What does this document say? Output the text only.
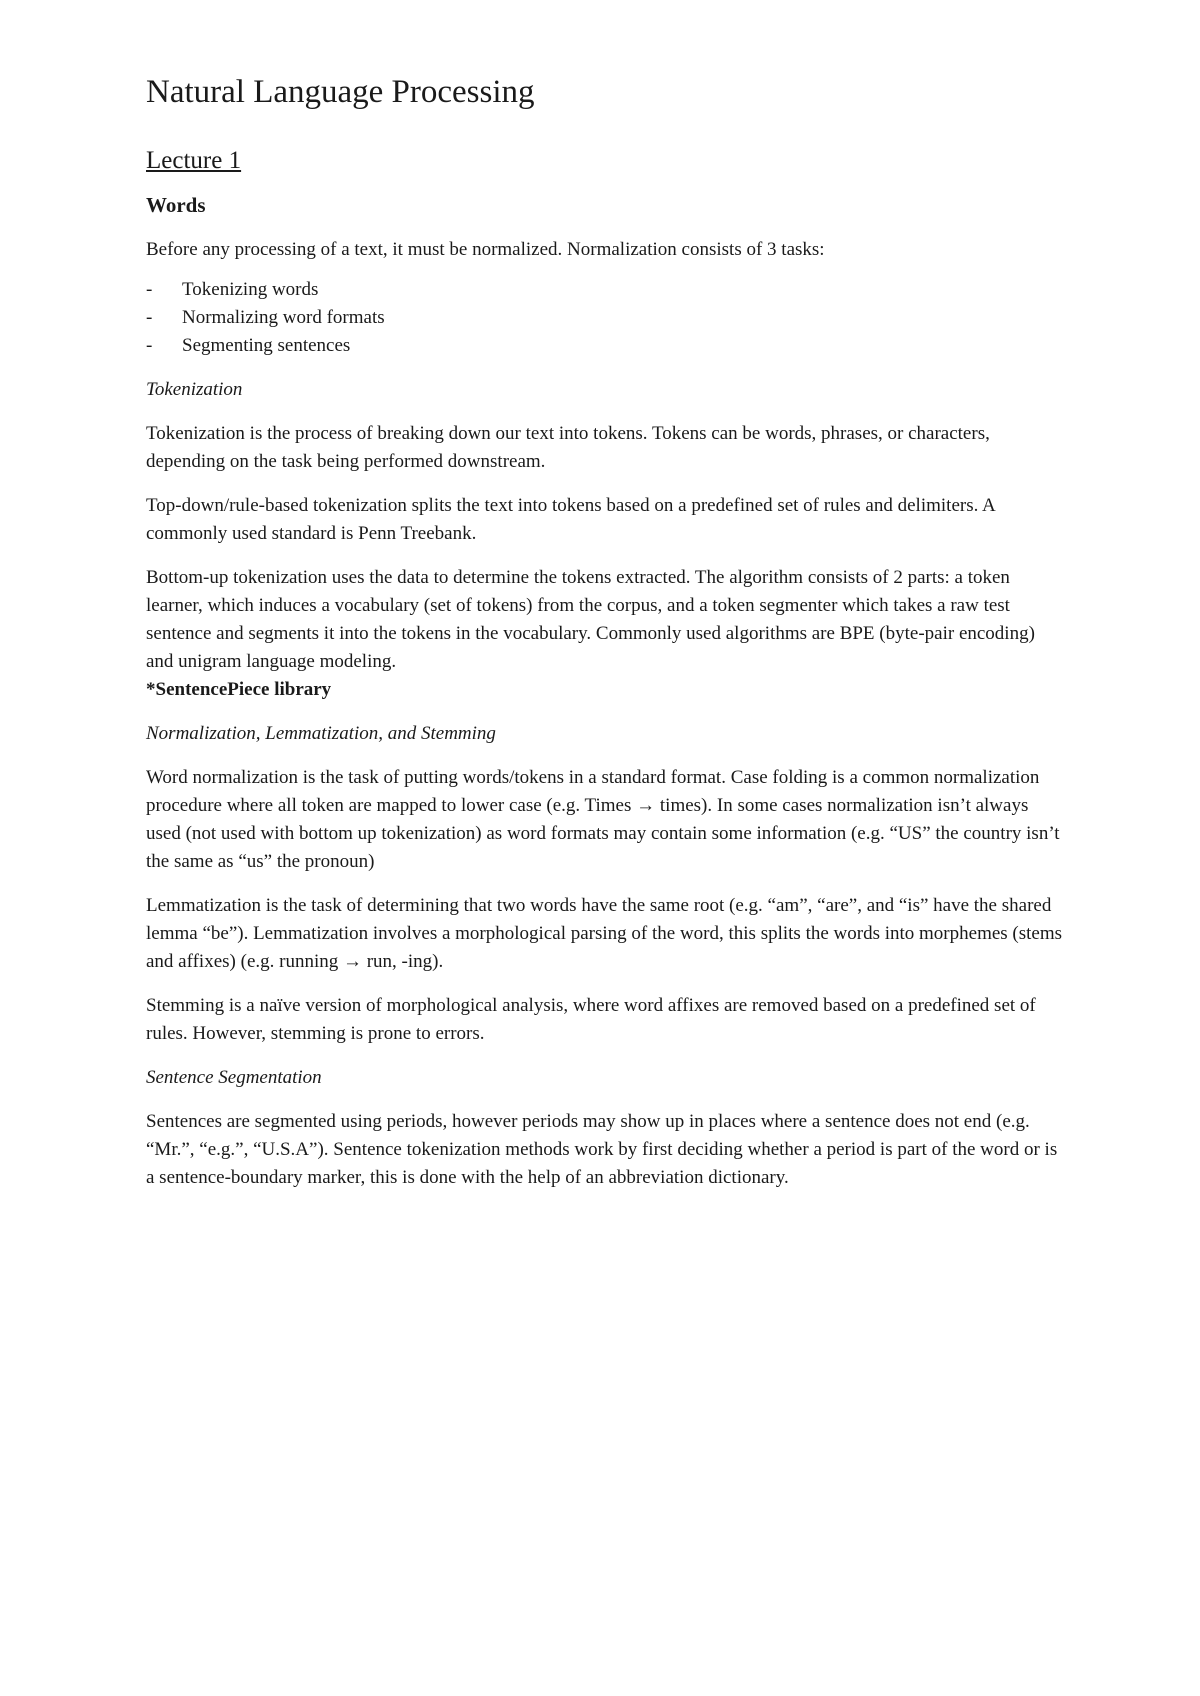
Natural Language Processing
Lecture 1
Words

Before any processing of a text, it must be normalized. Normalization consists of 3 tasks:

- Tokenizing words
- Normalizing word formats
- Segmenting sentences
Tokenization

Tokenization is the process of breaking down our text into tokens. Tokens can be words, phrases, or characters, depending on the task being performed downstream.

Top-down/rule-based tokenization splits the text into tokens based on a predefined set of rules and delimiters. A commonly used standard is Penn Treebank.

Bottom-up tokenization uses the data to determine the tokens extracted. The algorithm consists of 2 parts: a token learner, which induces a vocabulary (set of tokens) from the corpus, and a token segmenter which takes a raw test sentence and segments it into the tokens in the vocabulary. Commonly used algorithms are BPE (byte-pair encoding) and unigram language modeling.

*SentencePiece library

Normalization, Lemmatization, and Stemming

Word normalization is the task of putting words/tokens in a standard format. Case folding is a common normalization procedure where all token are mapped to lower case (e.g. Times → times). In some cases normalization isn’t always used (not used with bottom up tokenization) as word formats may contain some information (e.g. “US” the country isn’t the same as “us” the pronoun)

Lemmatization is the task of determining that two words have the same root (e.g. “am”, “are”, and “is” have the shared lemma “be”). Lemmatization involves a morphological parsing of the word, this splits the words into morphemes (stems and affixes) (e.g. running → run, -ing).

Stemming is a naïve version of morphological analysis, where word affixes are removed based on a predefined set of rules. However, stemming is prone to errors.

Sentence Segmentation

Sentences are segmented using periods, however periods may show up in places where a sentence does not end (e.g. “Mr.”, “e.g.”, “U.S.A”). Sentence tokenization methods work by first deciding whether a period is part of the word or is a sentence-boundary marker, this is done with the help of an abbreviation dictionary.
